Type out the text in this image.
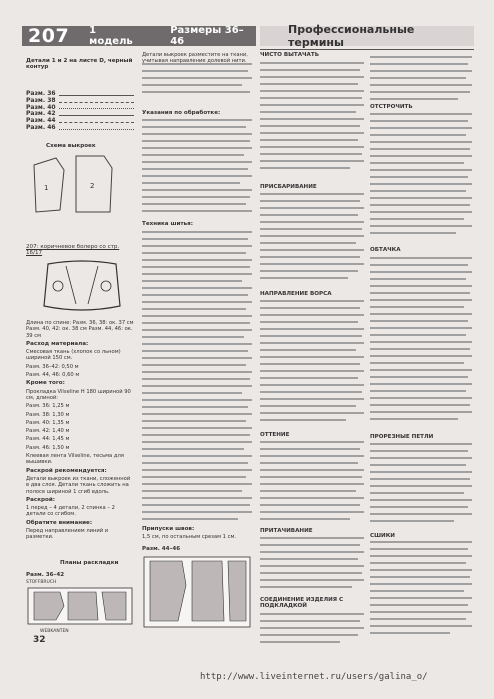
207 1 модель
Размеры 36–46
Профессиональные термины

Детали 1 и 2 на листе D, черный контур

Разм. 36
Разм. 38
Разм. 40
Разм. 42
Разм. 44
Разм. 46
Схема выкроек
1	2
207: коричневое болеро со стр. 16/17

Длина по спине: Разм. 36, 38: ок. 37 см Разм. 40, 42: ок. 38 см Разм. 44, 46: ок. 39 см

Расход материала:

Смесовая ткань (хлопок со льном) шириной 150 см.

Разм. 36–42: 0,50 м

Разм. 44, 46: 0,60 м

Кроме того:

Прокладка Vilseline H 180 шириной 90 см, длиной:

Разм. 36: 1,25 м

Разм. 38: 1,30 м

Разм. 40: 1,35 м

Разм. 42: 1,40 м

Разм. 44: 1,45 м

Разм. 46: 1,50 м

Клеевая лента Vilseline, тесьма для вышивки.

Раскрой рекомендуется:

Детали выкроек из ткани, сложенной в два слоя. Детали ткань сложить на полосе шириной 1 сгиб вдоль.

Раскрой:

1 перед – 4 детали, 2 спинка – 2 детали со сгибом.

Обратите внимание:

Перед направлением линий и разметки.

Планы раскладки
Разм. 36–42
STOFFBRUCH
WEBKANTEN

Детали выкроек разместите на ткани, учитывая направление долевой нити.

Указания по обработке:

Техника шитья:

Припуски швов:

1,5 см, по остальным срезам 1 см.

Разм. 44–46

ЧИСТО ВЫТАЧАТЬ

ПРИСБАРИВАНИЕ

НАПРАВЛЕНИЕ ВОРСА

ОТТЕНИЕ

ПРИТАЧИВАНИЕ

СОЕДИНЕНИЕ ИЗДЕЛИЯ С ПОДКЛАДКОЙ

ОТСТРОЧИТЬ

ОБТАЧКА

ПРОРЕЗНЫЕ ПЕТЛИ

СШИКИ

32
http://www.liveinternet.ru/users/galina_o/
